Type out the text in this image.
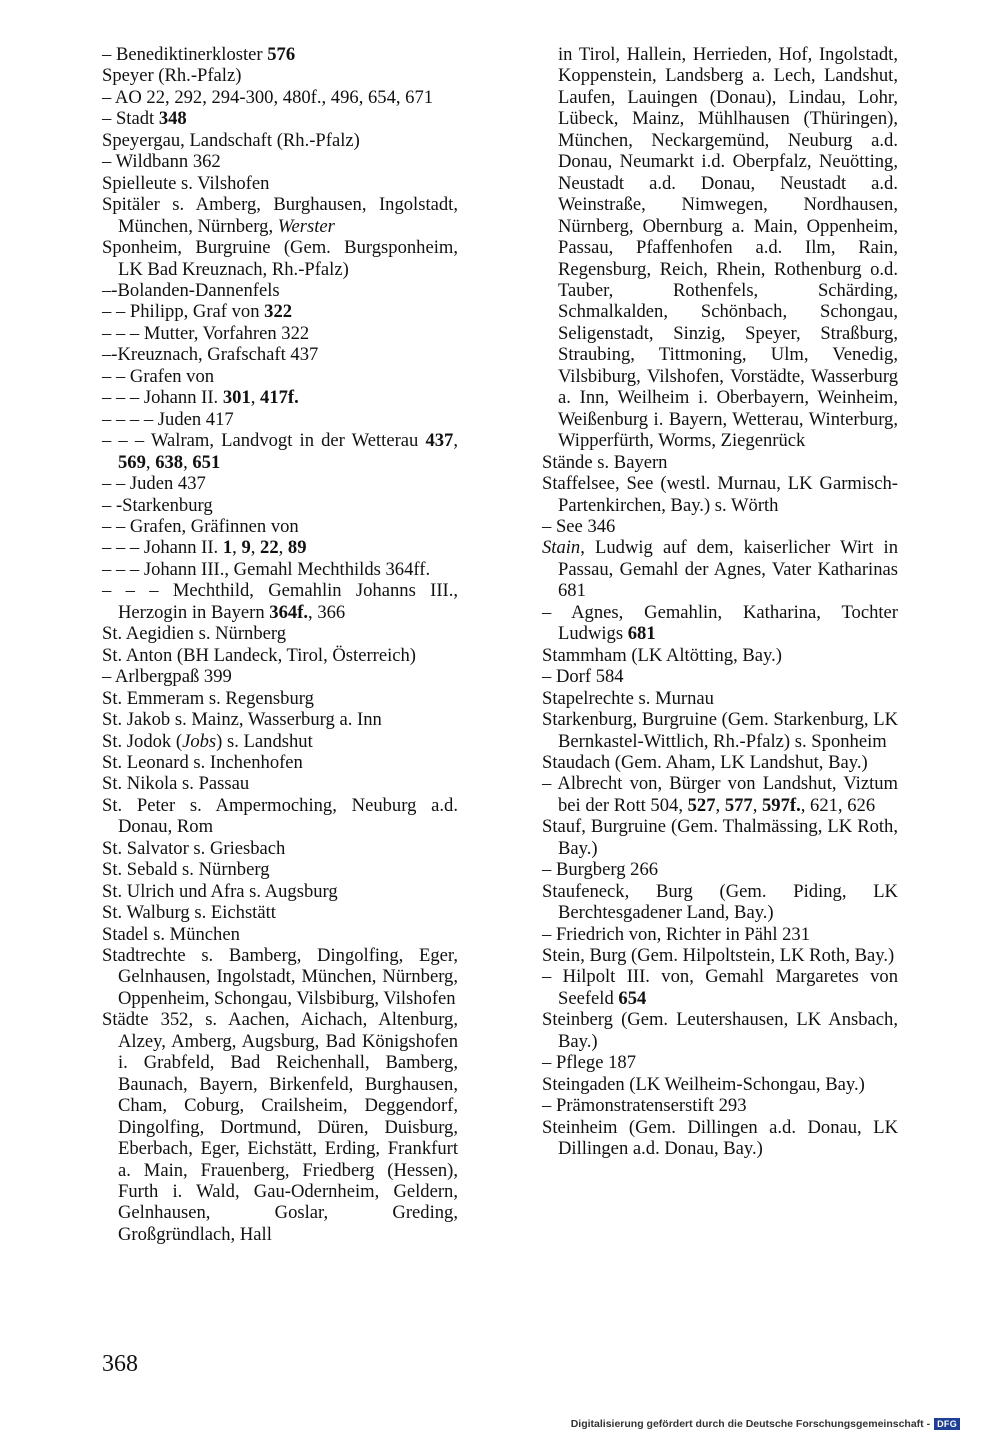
– Benediktinerkloster 576
Speyer (Rh.-Pfalz)
– AO 22, 292, 294-300, 480f., 496, 654, 671
– Stadt 348
Speyergau, Landschaft (Rh.-Pfalz)
– Wildbann 362
Spielleute s. Vilshofen
Spitäler s. Amberg, Burghausen, Ingolstadt, München, Nürnberg, Werster
Sponheim, Burgruine (Gem. Burgsponheim, LK Bad Kreuznach, Rh.-Pfalz)
–-Bolanden-Dannenfels
– – Philipp, Graf von 322
– – – Mutter, Vorfahren 322
–-Kreuznach, Grafschaft 437
– – Grafen von
– – – Johann II. 301, 417f.
– – – – Juden 417
– – – Walram, Landvogt in der Wetterau 437, 569, 638, 651
– – Juden 437
– -Starkenburg
– – Grafen, Gräfinnen von
– – – Johann II. 1, 9, 22, 89
– – – Johann III., Gemahl Mechthilds 364ff.
– – – Mechthild, Gemahlin Johanns III., Herzogin in Bayern 364f., 366
St. Aegidien s. Nürnberg
St. Anton (BH Landeck, Tirol, Österreich)
– Arlbergpaß 399
St. Emmeram s. Regensburg
St. Jakob s. Mainz, Wasserburg a. Inn
St. Jodok (Jobs) s. Landshut
St. Leonard s. Inchenhofen
St. Nikola s. Passau
St. Peter s. Ampermoching, Neuburg a.d. Donau, Rom
St. Salvator s. Griesbach
St. Sebald s. Nürnberg
St. Ulrich und Afra s. Augsburg
St. Walburg s. Eichstätt
Stadel s. München
Stadtrechte s. Bamberg, Dingolfing, Eger, Gelnhausen, Ingolstadt, München, Nürnberg, Oppenheim, Schongau, Vilsbiburg, Vilshofen
Städte 352, s. Aachen, Aichach, Altenburg, Alzey, Amberg, Augsburg, Bad Königshofen i. Grabfeld, Bad Reichenhall, Bamberg, Baunach, Bayern, Birkenfeld, Burghausen, Cham, Coburg, Crailsheim, Deggendorf, Dingolfing, Dortmund, Düren, Duisburg, Eberbach, Eger, Eichstätt, Erding, Frankfurt a. Main, Frauenberg, Friedberg (Hessen), Furth i. Wald, Gau-Odernheim, Geldern, Gelnhausen, Goslar, Greding, Großgründlach, Hall
in Tirol, Hallein, Herrieden, Hof, Ingolstadt, Koppenstein, Landsberg a. Lech, Landshut, Laufen, Lauingen (Donau), Lindau, Lohr, Lübeck, Mainz, Mühlhausen (Thüringen), München, Neckargemünd, Neuburg a.d. Donau, Neumarkt i.d. Oberpfalz, Neuötting, Neustadt a.d. Donau, Neustadt a.d. Weinstraße, Nimwegen, Nordhausen, Nürnberg, Obernburg a. Main, Oppenheim, Passau, Pfaffenhofen a.d. Ilm, Rain, Regensburg, Reich, Rhein, Rothenburg o.d. Tauber, Rothenfels, Schärding, Schmalkalden, Schönbach, Schongau, Seligenstadt, Sinzig, Speyer, Straßburg, Straubing, Tittmoning, Ulm, Venedig, Vilsbiburg, Vilshofen, Vorstädte, Wasserburg a. Inn, Weilheim i. Oberbayern, Weinheim, Weißenburg i. Bayern, Wetterau, Winterburg, Wipperfürth, Worms, Ziegenrück
Stände s. Bayern
Staffelsee, See (westl. Murnau, LK Garmisch-Partenkirchen, Bay.) s. Wörth
– See 346
Stain, Ludwig auf dem, kaiserlicher Wirt in Passau, Gemahl der Agnes, Vater Katharinas 681
– Agnes, Gemahlin, Katharina, Tochter Ludwigs 681
Stammham (LK Altötting, Bay.)
– Dorf 584
Stapelrechte s. Murnau
Starkenburg, Burgruine (Gem. Starkenburg, LK Bernkastel-Wittlich, Rh.-Pfalz) s. Sponheim
Staudach (Gem. Aham, LK Landshut, Bay.)
– Albrecht von, Bürger von Landshut, Viztum bei der Rott 504, 527, 577, 597f., 621, 626
Stauf, Burgruine (Gem. Thalmässing, LK Roth, Bay.)
– Burgberg 266
Staufeneck, Burg (Gem. Piding, LK Berchtesgadener Land, Bay.)
– Friedrich von, Richter in Pähl 231
Stein, Burg (Gem. Hilpoltstein, LK Roth, Bay.)
– Hilpolt III. von, Gemahl Margaretes von Seefeld 654
Steinberg (Gem. Leutershausen, LK Ansbach, Bay.)
– Pflege 187
Steingaden (LK Weilheim-Schongau, Bay.)
– Prämonstratenserstift 293
Steinheim (Gem. Dillingen a.d. Donau, LK Dillingen a.d. Donau, Bay.)
368
Digitalisierung gefördert durch die Deutsche Forschungsgemeinschaft - DFG
